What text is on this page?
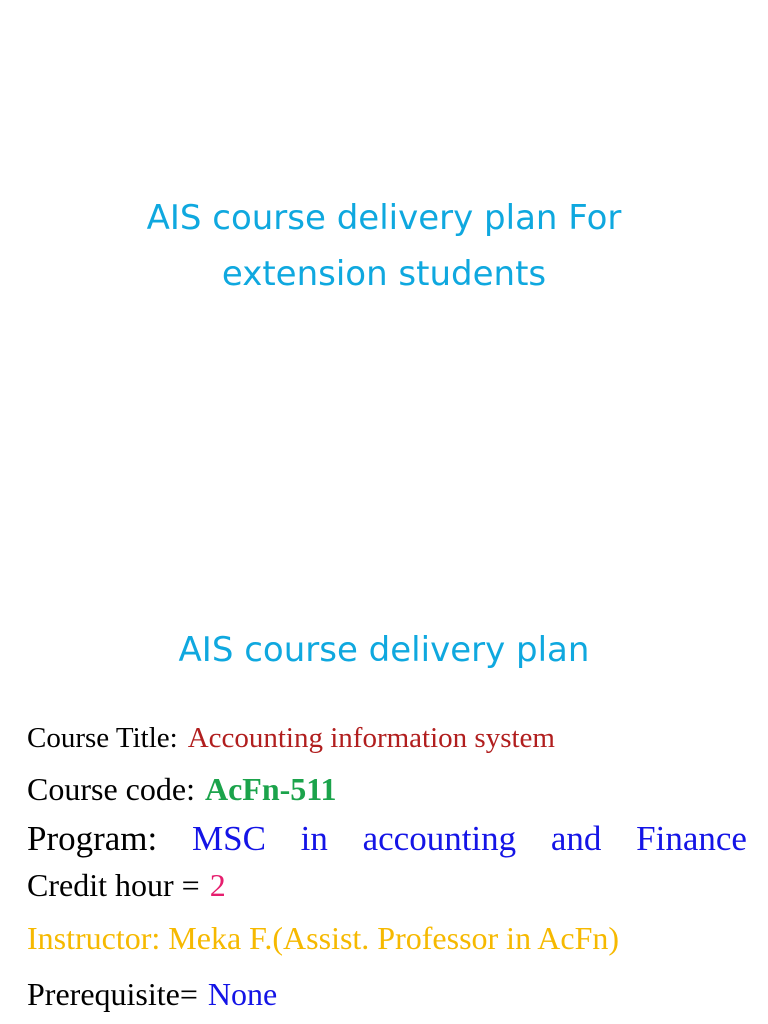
AIS course delivery plan For
extension students
AIS course delivery plan
Course Title: Accounting information system
Course code: AcFn-511
Program: MSC in accounting and Finance
Credit hour = 2
Instructor: Meka F.(Assist. Professor in AcFn)
Prerequisite= None
